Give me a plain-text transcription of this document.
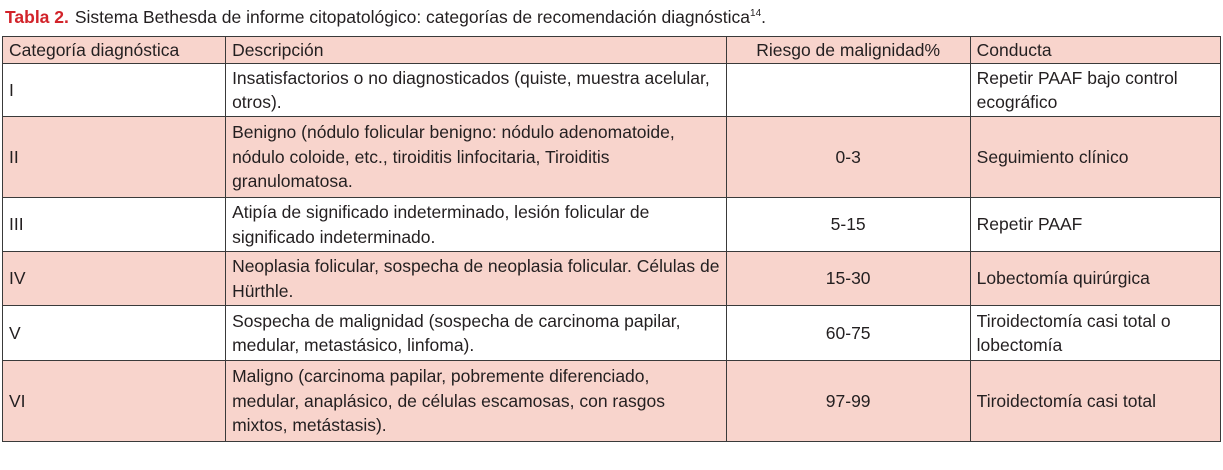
Tabla 2. Sistema Bethesda de informe citopatológico: categorías de recomendación diagnóstica$^{14}$.
Categoría diagnóstica	Descripción	Riesgo de malignidad%	Conducta
I	Insatisfactorios o no diagnosticados (quiste, muestra acelular, otros).		Repetir PAAF bajo control ecográfico
II	Benigno (nódulo folicular benigno: nódulo adenomatoide, nódulo coloide, etc., tiroiditis linfocitaria, Tiroiditis granulomatosa.	0-3	Seguimiento clínico
III	Atipía de significado indeterminado, lesión folicular de significado indeterminado.	5-15	Repetir PAAF
IV	Neoplasia folicular, sospecha de neoplasia folicular. Células de Hürthle.	15-30	Lobectomía quirúrgica
V	Sospecha de malignidad (sospecha de carcinoma papilar, medular, metastásico, linfoma).	60-75	Tiroidectomía casi total o lobectomía
VI	Maligno (carcinoma papilar, pobremente diferenciado, medular, anaplásico, de células escamosas, con rasgos mixtos, metástasis).	97-99	Tiroidectomía casi total
